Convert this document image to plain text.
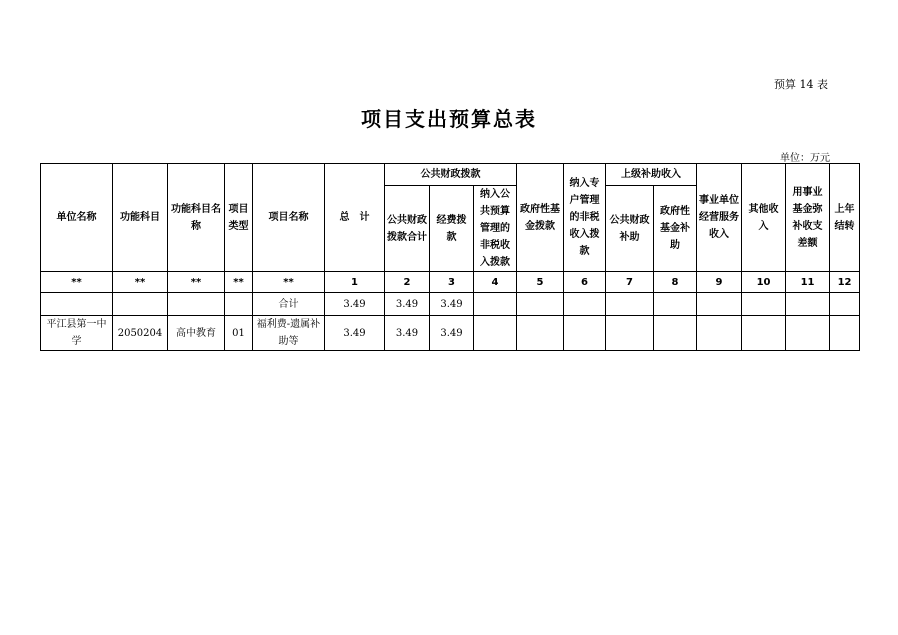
预算 14 表
项目支出预算总表
单位：万元
单位名称	功能科目	功能科目名称	项目类型	项目名称	总　计	公共财政拨款			政府性基金拨款	纳入专户管理的非税收入拨款	上级补助收入		事业单位经营服务收入	其他收入	用事业基金弥补收支差额	上年结转
						公共财政拨款合计	经费拨款	纳入公共预算管理的非税收入拨款			公共财政补助	政府性基金补助				
**	**	**	**	**	1	2	3	4	5	6	7	8	9	10	11	12
				合计	3.49	3.49	3.49									
平江县第一中学	2050204	高中教育	01	福利费-遗属补助等	3.49	3.49	3.49									
